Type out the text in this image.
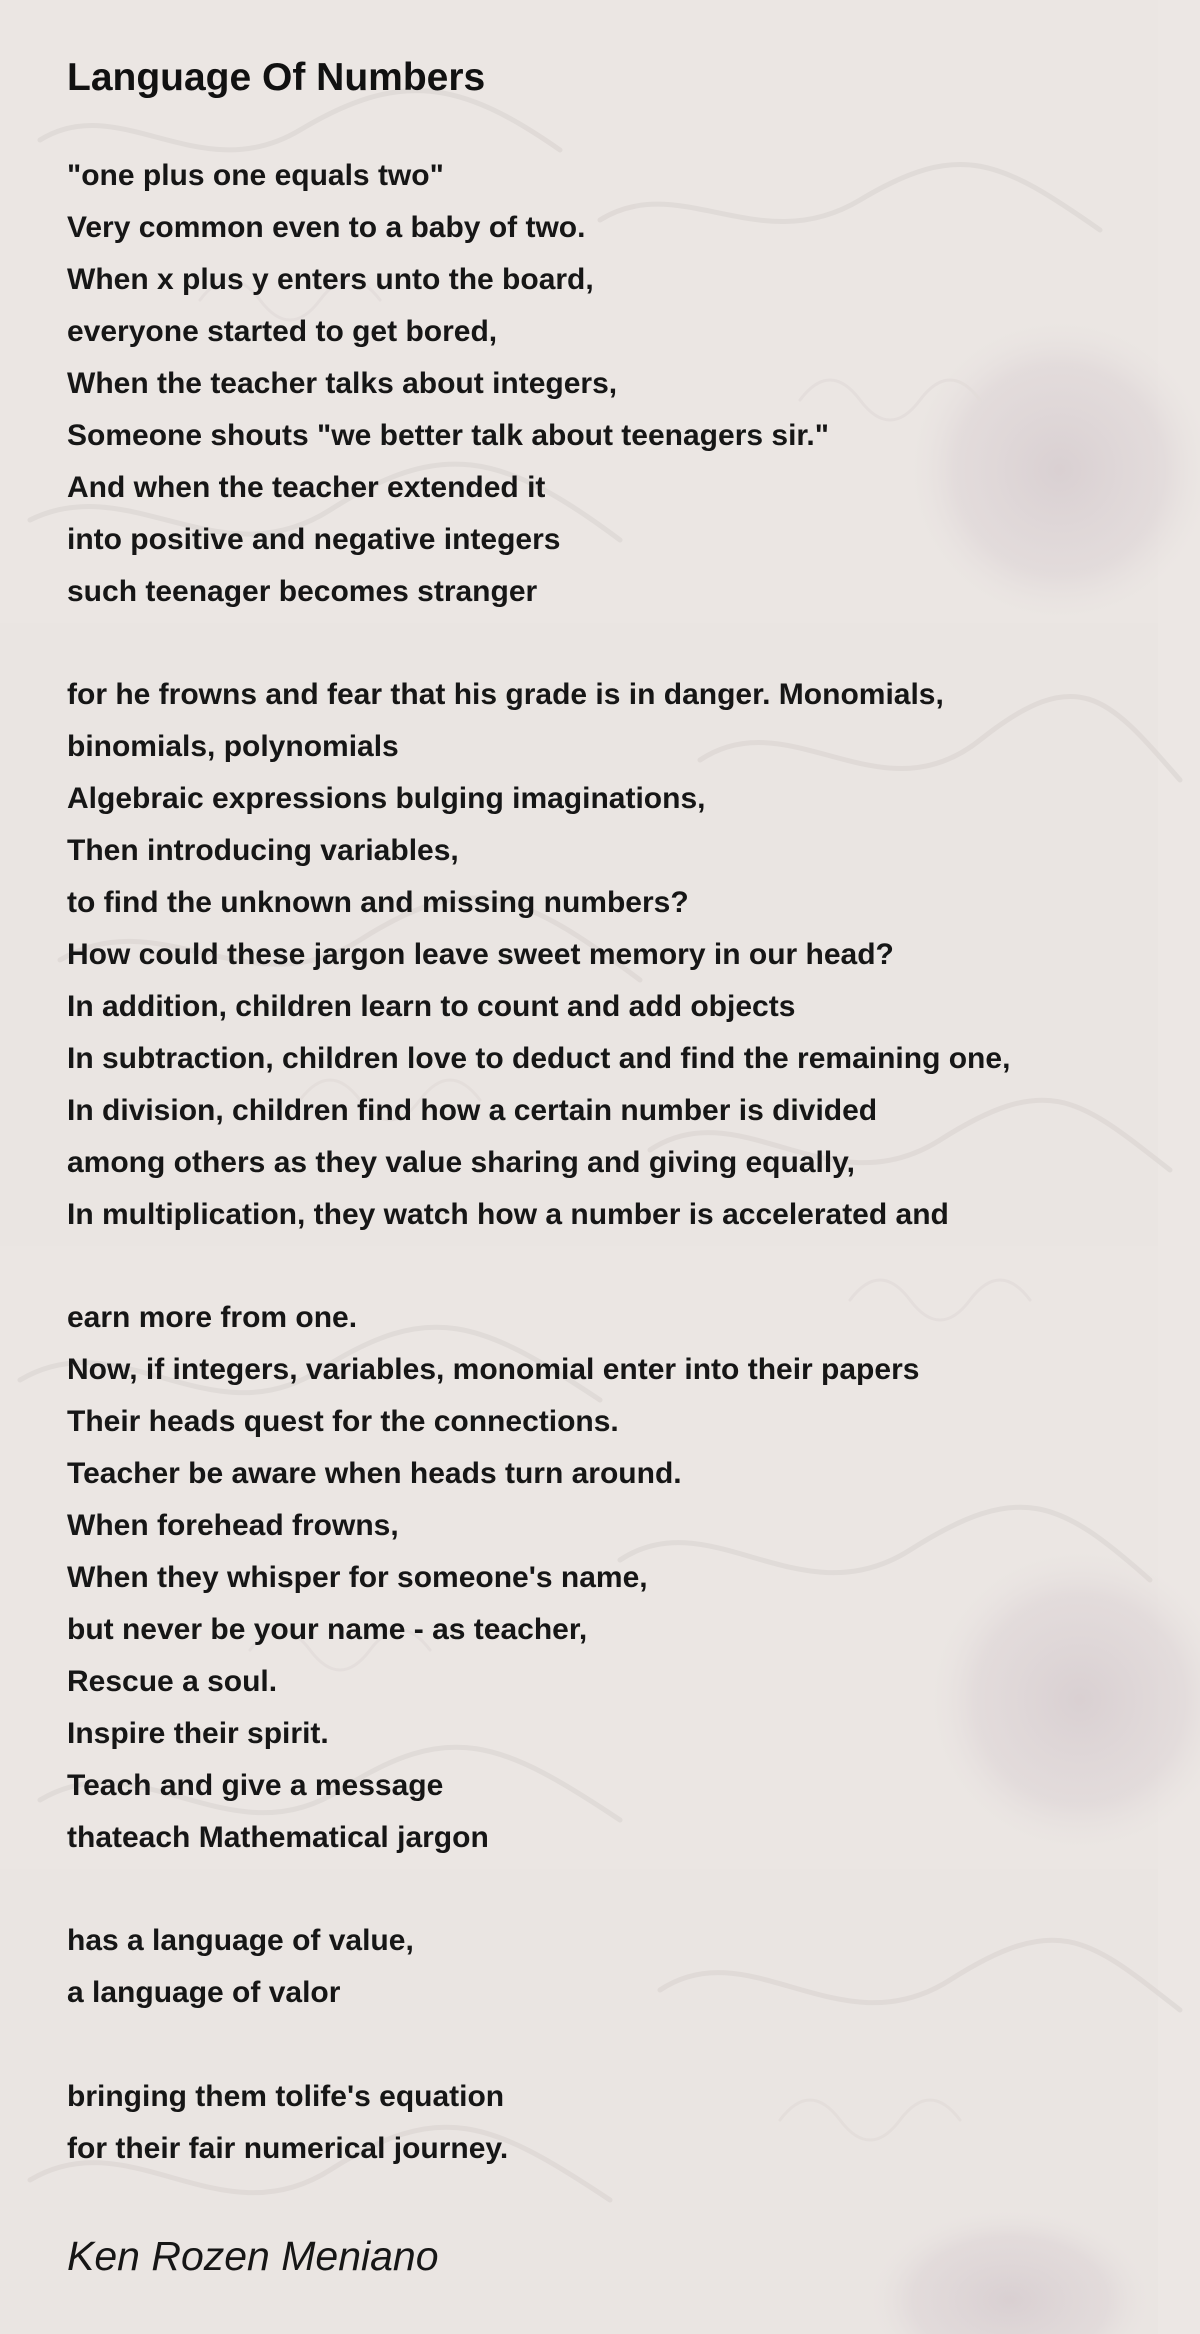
Language Of Numbers
"one plus one equals two"
Very common even to a baby of two.
When x plus y enters unto the board,
everyone started to get bored,
When the teacher talks about integers,
Someone shouts "we better talk about teenagers sir."
And when the teacher extended it
into positive and negative integers
such teenager becomes stranger
for he frowns and fear that his grade is in danger. Monomials,
binomials, polynomials
Algebraic expressions bulging imaginations,
Then introducing variables,
to find the unknown and missing numbers?
How could these jargon leave sweet memory in our head?
In addition, children learn to count and add objects
In subtraction, children love to deduct and find the remaining one,
In division, children find how a certain number is divided
among others as they value sharing and giving equally,
In multiplication, they watch how a number is accelerated and
earn more from one.
Now, if integers, variables, monomial enter into their papers
Their heads quest for the connections.
Teacher be aware when heads turn around.
When forehead frowns,
When they whisper for someone's name,
but never be your name - as teacher,
Rescue a soul.
Inspire their spirit.
Teach and give a message
thateach Mathematical jargon
has a language of value,
a language of valor
bringing them tolife's equation
for their fair numerical journey.

Ken Rozen Meniano
